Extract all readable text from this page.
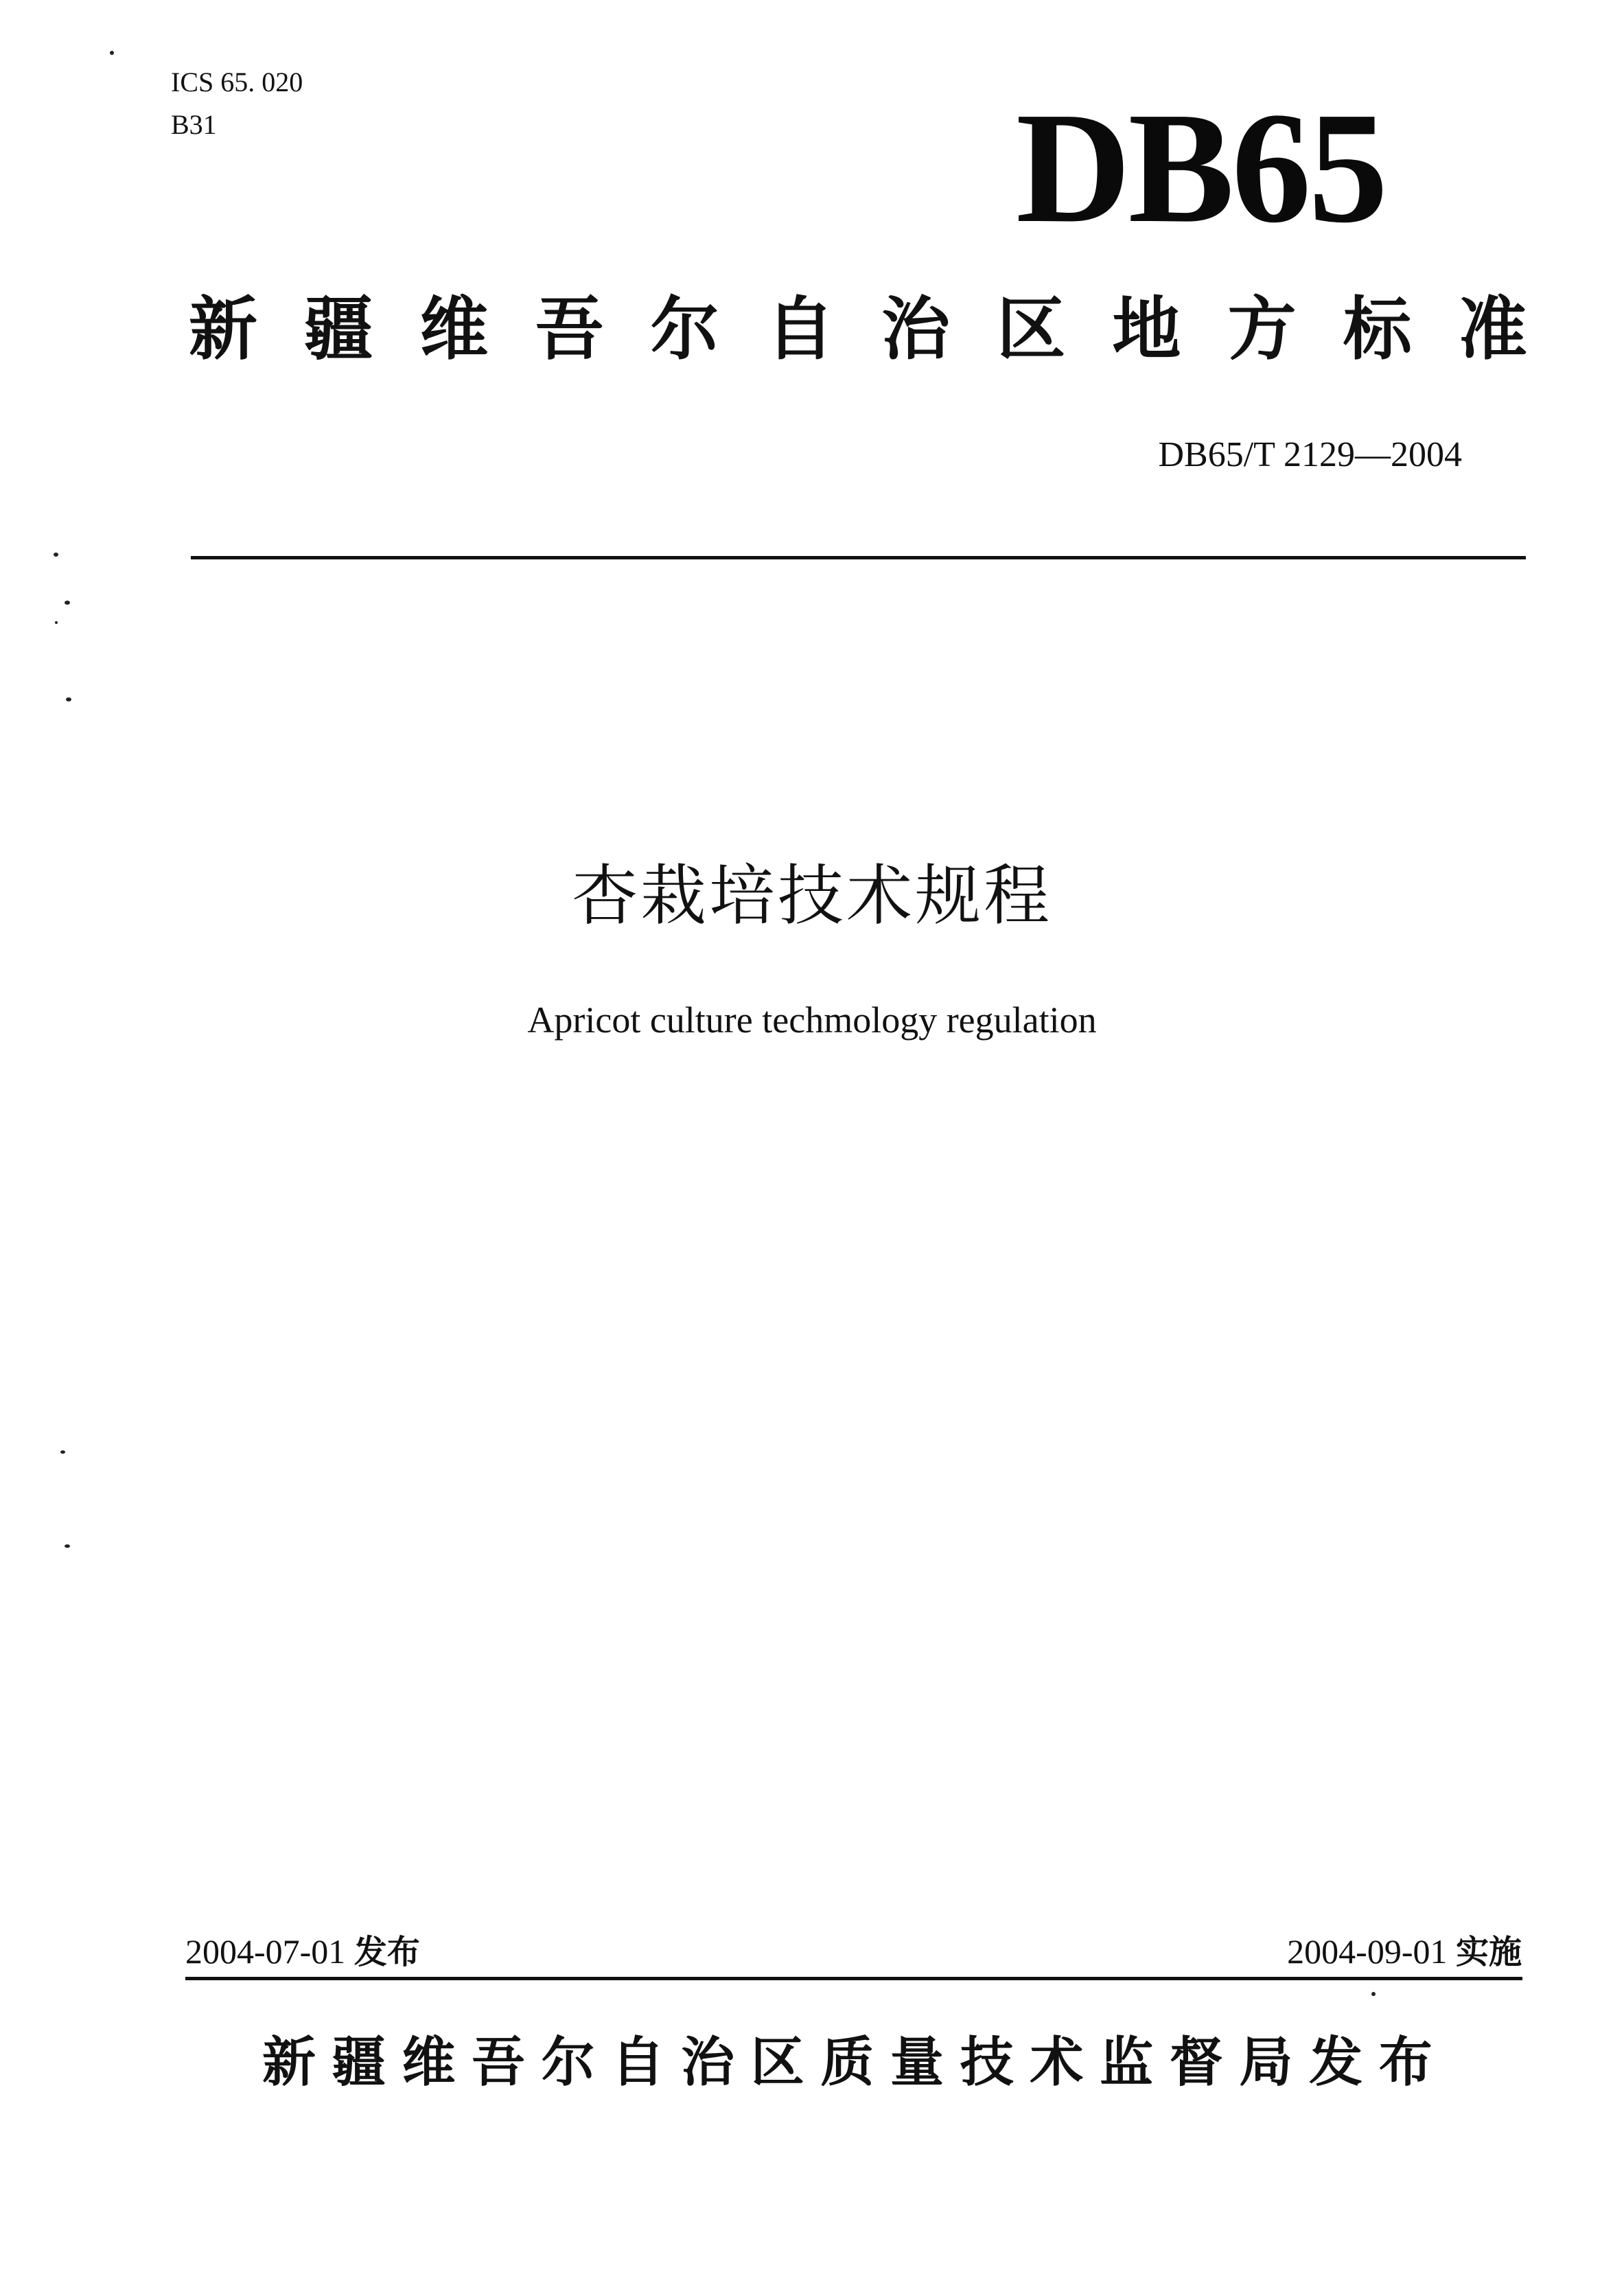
ICS 65. 020
B31	DB65
新 疆 维 吾 尔 自 治 区 地 方 标 准
DB65/T 2129—2004
杏栽培技术规程
Apricot culture techmology regulation
2004-07-01 发布	2004-09-01 实施
新 疆 维 吾 尔 自 治 区 质 量 技 术 监 督 局 发 布
